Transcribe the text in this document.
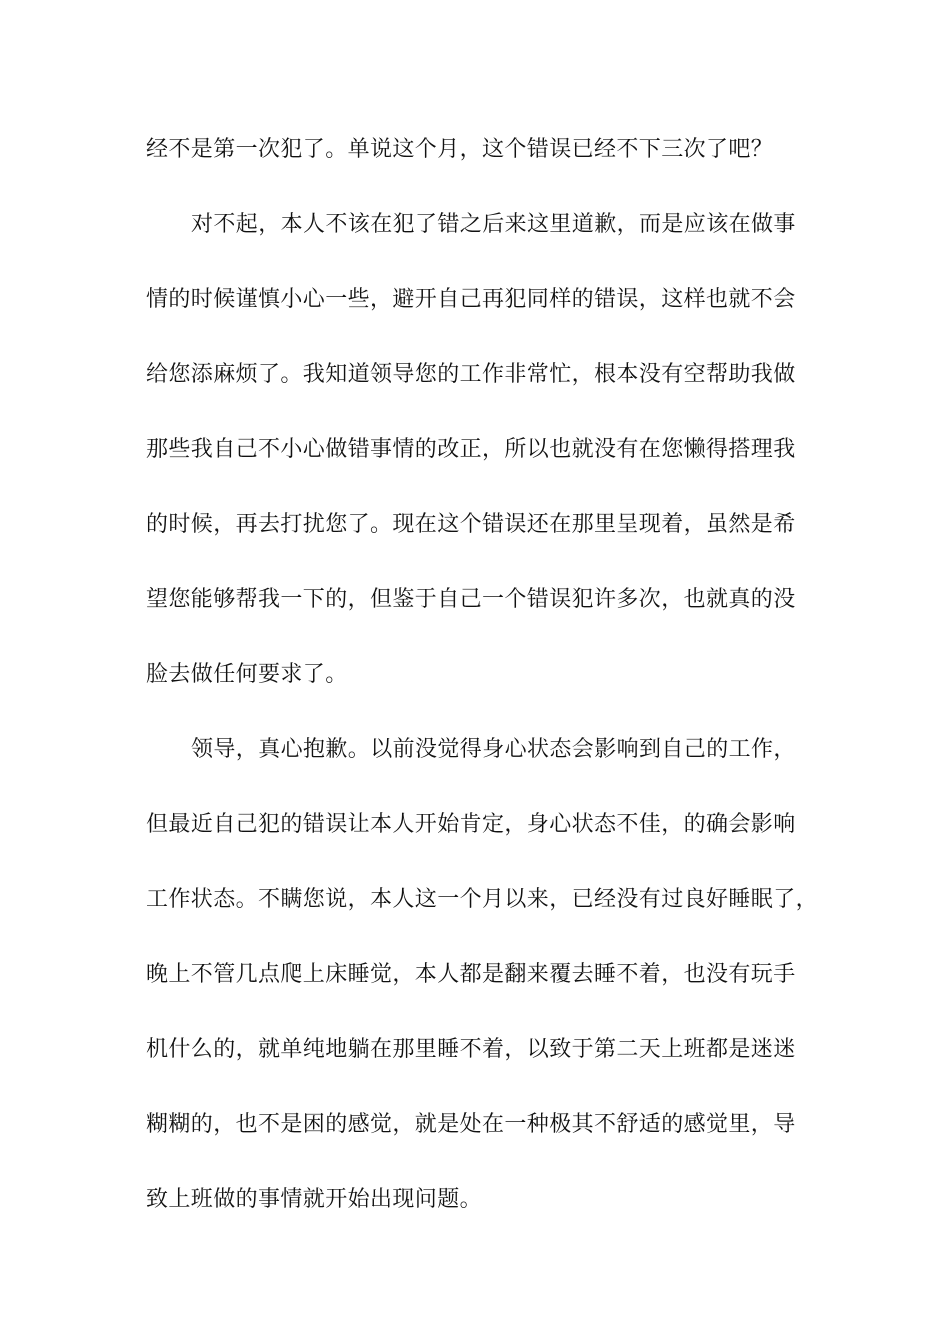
经不是第一次犯了。单说这个月，这个错误已经不下三次了吧？
对不起，本人不该在犯了错之后来这里道歉，而是应该在做事
情的时候谨慎小心一些，避开自己再犯同样的错误，这样也就不会
给您添麻烦了。我知道领导您的工作非常忙，根本没有空帮助我做
那些我自己不小心做错事情的改正，所以也就没有在您懒得搭理我
的时候，再去打扰您了。现在这个错误还在那里呈现着，虽然是希
望您能够帮我一下的，但鉴于自己一个错误犯许多次，也就真的没
脸去做任何要求了。
领导，真心抱歉。以前没觉得身心状态会影响到自己的工作，
但最近自己犯的错误让本人开始肯定，身心状态不佳，的确会影响
工作状态。不瞒您说，本人这一个月以来，已经没有过良好睡眠了，
晚上不管几点爬上床睡觉，本人都是翻来覆去睡不着，也没有玩手
机什么的，就单纯地躺在那里睡不着，以致于第二天上班都是迷迷
糊糊的，也不是困的感觉，就是处在一种极其不舒适的感觉里，导
致上班做的事情就开始出现问题。
